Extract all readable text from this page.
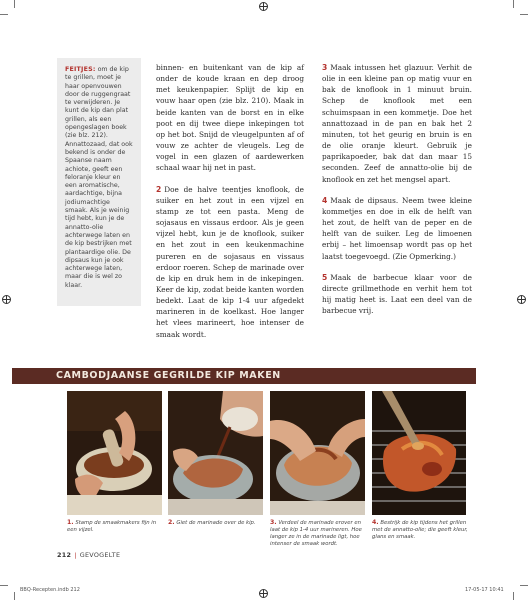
FEITJES: om de kip te grillen, moet je haar openvouwen door de ruggengraat te verwijderen. Je kunt de kip dan plat grillen, als een opengeslagen boek (zie blz. 212). Annattozaad, dat ook bekend is onder de Spaanse naam achiote, geeft een feloranje kleur en een aromatische, aardachtige, bijna jodiumachtige smaak. Als je weinig tijd hebt, kun je de annatto-olie achterwege laten en de kip bestrijken met plantaardige olie. De dipsaus kun je ook achterwege laten, maar die is wel zo klaar.

binnen- en buitenkant van de kip af onder de koude kraan en dep droog met keukenpapier. Splijt de kip en vouw haar open (zie blz. 210). Maak in beide kanten van de borst en in elke poot en dij twee diepe inkepingen tot op het bot. Snijd de vleugelpunten af of vouw ze achter de vleugels. Leg de vogel in een glazen of aardewerken schaal waar hij net in past.

2 Doe de halve teentjes knoflook, de suiker en het zout in een vijzel en stamp ze tot een pasta. Meng de sojasaus en vissaus erdoor. Als je geen vijzel hebt, kun je de knoflook, suiker en het zout in een keukenmachine pureren en de sojasaus en vissaus erdoor roeren. Schep de marinade over de kip en druk hem in de inkepingen. Keer de kip, zodat beide kanten worden bedekt. Laat de kip 1-4 uur afgedekt marineren in de koelkast. Hoe langer het vlees marineert, hoe intenser de smaak wordt.

3 Maak intussen het glazuur. Verhit de olie in een kleine pan op matig vuur en bak de knoflook in 1 minuut bruin. Schep de knoflook met een schuimspaan in een kommetje. Doe het annattozaad in de pan en bak het 2 minuten, tot het geurig en bruin is en de olie oranje kleurt. Gebruik je paprikapoeder, bak dat dan maar 15 seconden. Zeef de annatto-olie bij de knoflook en zet het mengsel apart.

4 Maak de dipsaus. Neem twee kleine kommetjes en doe in elk de helft van het zout, de helft van de peper en de helft van de suiker. Leg de limoenen erbij – het limoensap wordt pas op het laatst toegevoegd. (Zie Opmerking.)

5 Maak de barbecue klaar voor de directe grillmethode en verhit hem tot hij matig heet is. Laat een deel van de barbecue vrij.

CAMBODJAANSE GEGRILDE KIP MAKEN
1. Stamp de smaakmakers fijn in een vijzel.
2. Giet de marinade over de kip.	3. Verdeel de marinade erover en laat de kip 1-4 uur marineren. Hoe langer ze in de marinade ligt, hoe intenser de smaak wordt.
4. Bestrijk de kip tijdens het grillen met de annatto-olie; die geeft kleur, glans en smaak.
212 | GEVOGELTE
BBQ-Recepten.indb 212	17-05-17 10:41
